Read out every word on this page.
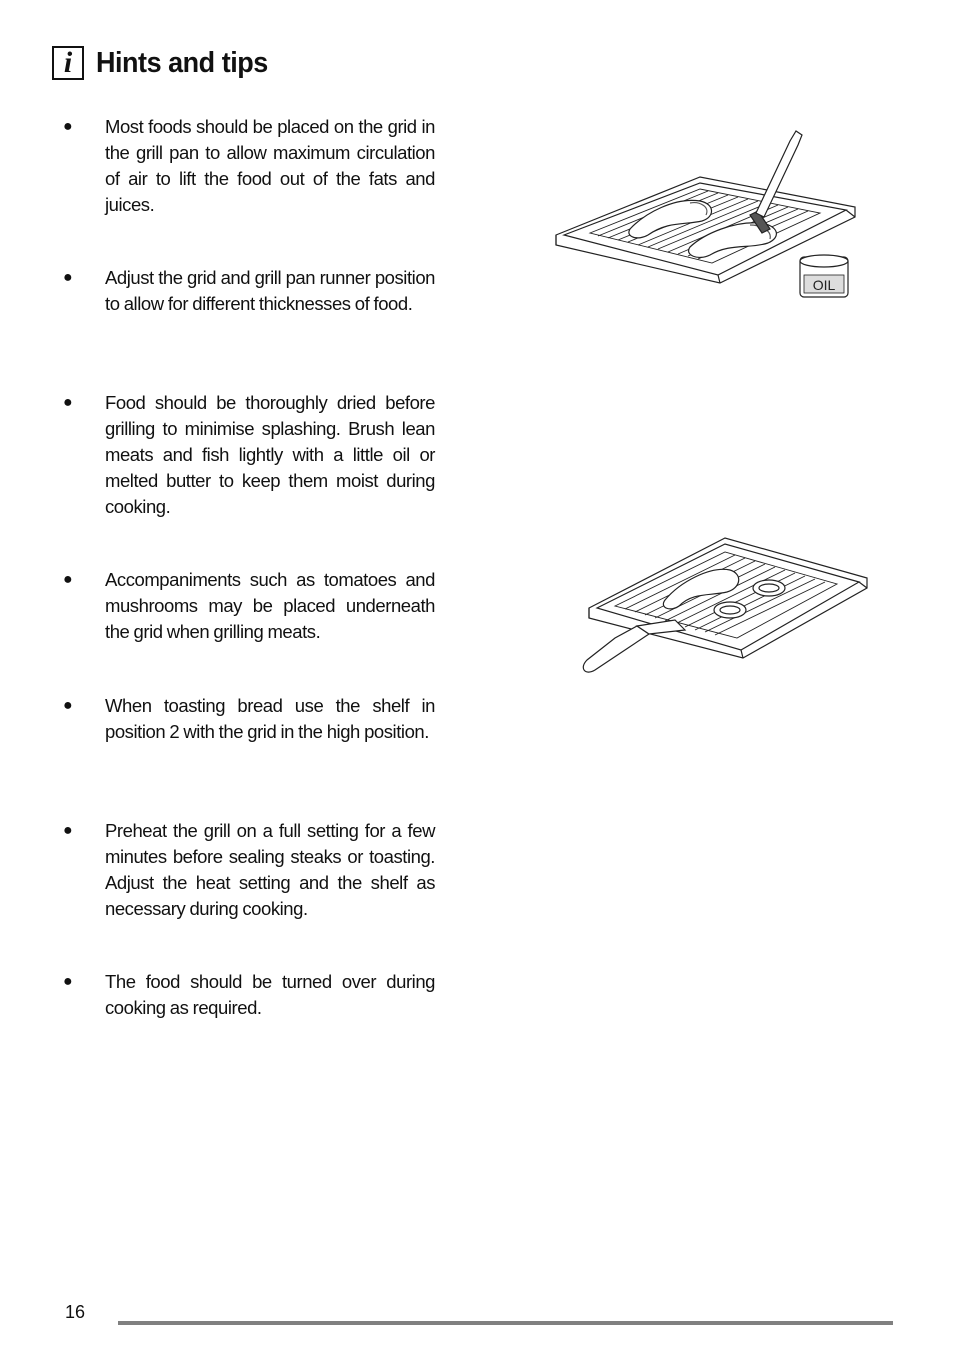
i Hints and tips
● Most foods should be placed on the grid in the grill pan to allow maximum circulation of air to lift the food out of the fats and juices.
● Adjust the grid and grill pan runner position to allow for different thicknesses of food.
● Food should be thoroughly dried before grilling to minimise splashing. Brush lean meats and fish lightly with a little oil or melted butter to keep them moist during cooking.
● Accompaniments such as tomatoes and mushrooms may be placed underneath the grid when grilling meats.
● When toasting bread use the shelf in position 2 with the grid in the high position.
● Preheat the grill on a full setting for a few minutes before sealing steaks or toasting. Adjust the heat setting and the shelf as necessary during cooking.
● The food should be turned over during cooking as required.
OIL
16
